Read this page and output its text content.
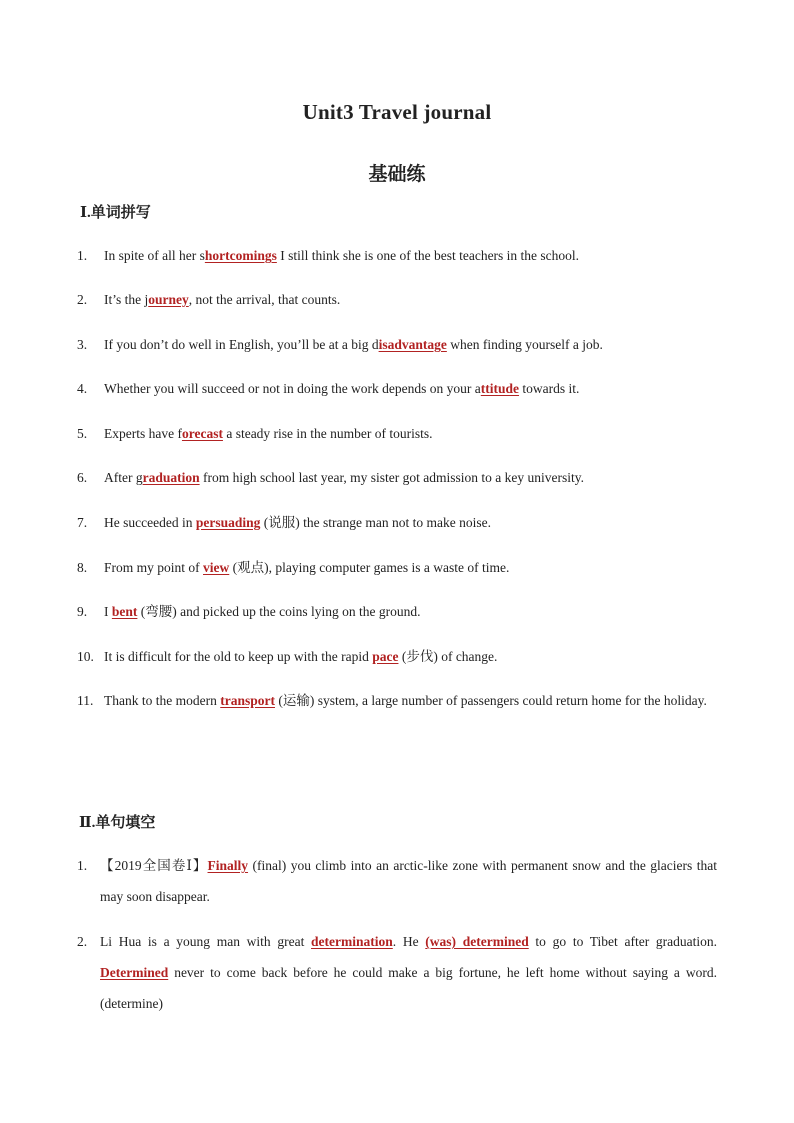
Unit3 Travel journal
基础练
Ⅰ.单词拼写
1. In spite of all her shortcomings I still think she is one of the best teachers in the school.
2. It’s the journey, not the arrival, that counts.
3. If you don’t do well in English, you’ll be at a big disadvantage when finding yourself a job.
4. Whether you will succeed or not in doing the work depends on your attitude towards it.
5. Experts have forecast a steady rise in the number of tourists.
6. After graduation from high school last year, my sister got admission to a key university.
7. He succeeded in persuading (说服) the strange man not to make noise.
8. From my point of view (观点), playing computer games is a waste of time.
9. I bent (弯腰) and picked up the coins lying on the ground.
10. It is difficult for the old to keep up with the rapid pace (步伐) of change.
11. Thank to the modern transport (运输) system, a large number of passengers could return home for the holiday.
Ⅱ.单句填空
1. 【2019全国卷Ⅰ】Finally (final) you climb into an arctic-like zone with permanent snow and the glaciers that may soon disappear.
2. Li Hua is a young man with great determination. He (was) determined to go to Tibet after graduation. Determined never to come back before he could make a big fortune, he left home without saying a word.(determine)
